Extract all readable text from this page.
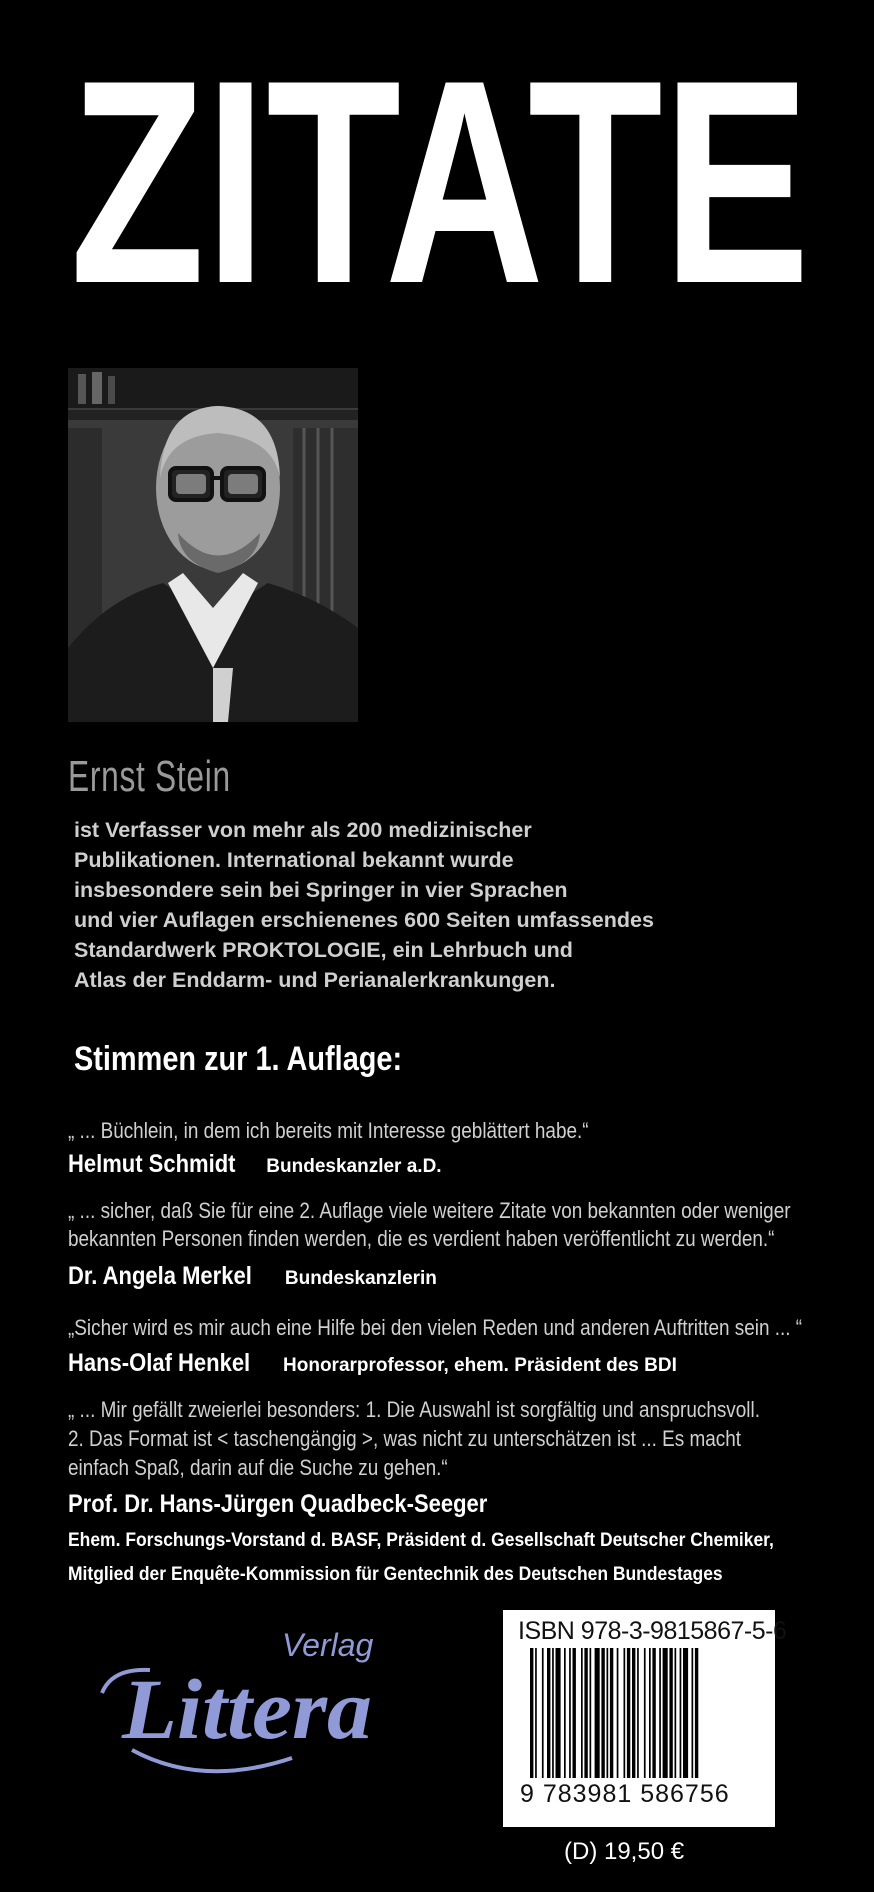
ZITATE
Ernst Stein
ist Verfasser von mehr als 200 medizinischer
Publikationen. International bekannt wurde
insbesondere sein bei Springer in vier Sprachen
und vier Auflagen erschienenes 600 Seiten umfassendes
Standardwerk PROKTOLOGIE, ein Lehrbuch und
Atlas der Enddarm- und Perianalerkrankungen.
Stimmen zur 1. Auflage:
„ ... Büchlein, in dem ich bereits mit Interesse geblättert habe.“
Helmut Schmidt Bundeskanzler a.D.
„ ... sicher, daß Sie für eine 2. Auflage viele weitere Zitate von bekannten oder weniger
bekannten Personen finden werden, die es verdient haben veröffentlicht zu werden.“
Dr. Angela Merkel Bundeskanzlerin
„Sicher wird es mir auch eine Hilfe bei den vielen Reden und anderen Auftritten sein ... “
Hans-Olaf Henkel Honorarprofessor, ehem. Präsident des BDI
„ ... Mir gefällt zweierlei besonders: 1. Die Auswahl ist sorgfältig und anspruchsvoll.
2. Das Format ist < taschengängig >, was nicht zu unterschätzen ist ... Es macht
einfach Spaß, darin auf die Suche zu gehen.“
Prof. Dr. Hans-Jürgen Quadbeck-Seeger
Ehem. Forschungs-Vorstand d. BASF, Präsident d. Gesellschaft Deutscher Chemiker,
Mitglied der Enquête-Kommission für Gentechnik des Deutschen Bundestages
Verlag
Littera
ISBN 978-3-9815867-5-6
9 783981 586756
(D) 19,50 €
